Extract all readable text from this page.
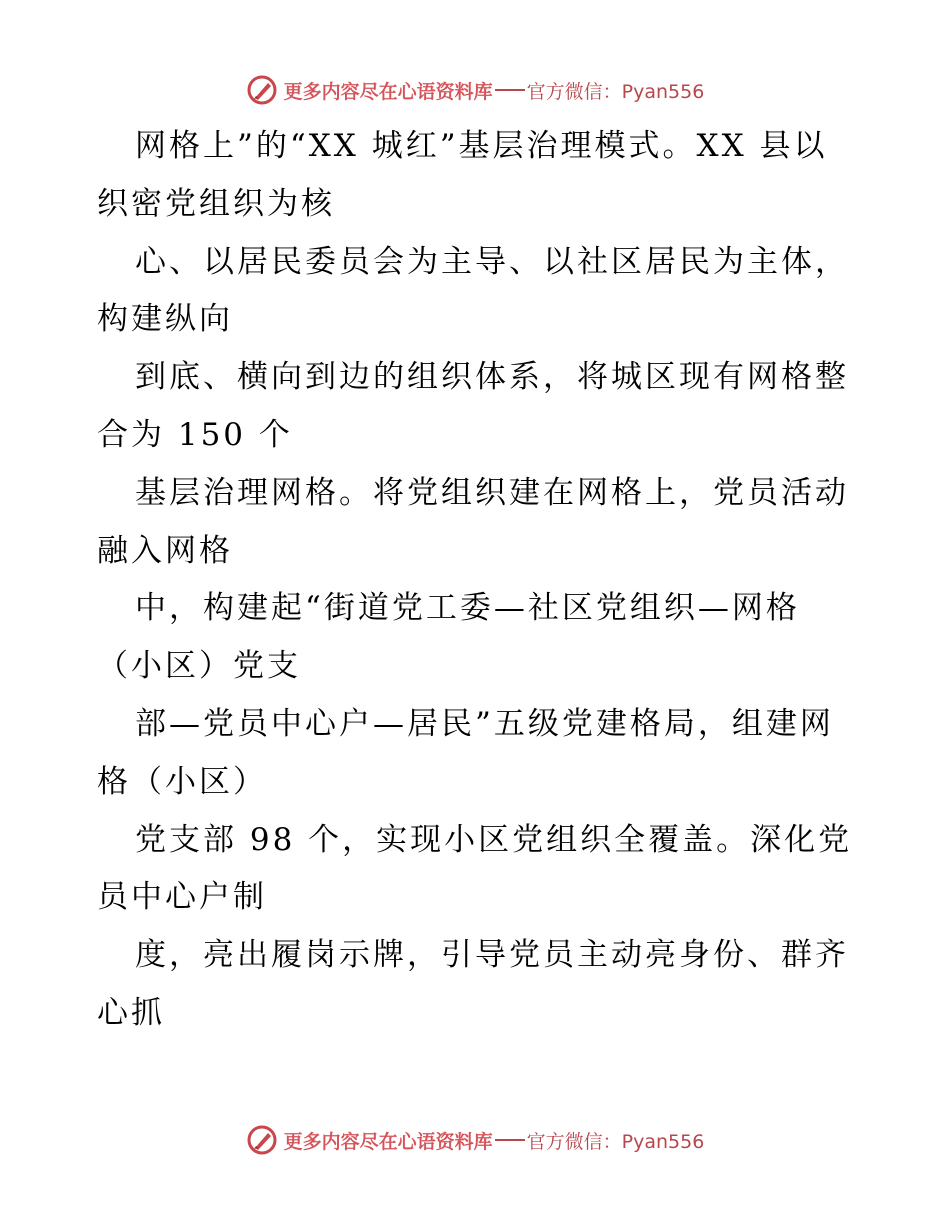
更多内容尽在心语资料库 官方微信：Pyan556
网格上”的“XX 城红”基层治理模式。XX 县以
织密党组织为核
心、以居民委员会为主导、以社区居民为主体，
构建纵向
到底、横向到边的组织体系，将城区现有网格整
合为 150 个
基层治理网格。将党组织建在网格上，党员活动
融入网格
中，构建起“街道党工委—社区党组织—网格
（小区）党支
部—党员中心户—居民”五级党建格局，组建网
格（小区）
党支部 98 个，实现小区党组织全覆盖。深化党
员中心户制
度，亮出履岗示牌，引导党员主动亮身份、群齐
心抓
更多内容尽在心语资料库 官方微信：Pyan556
